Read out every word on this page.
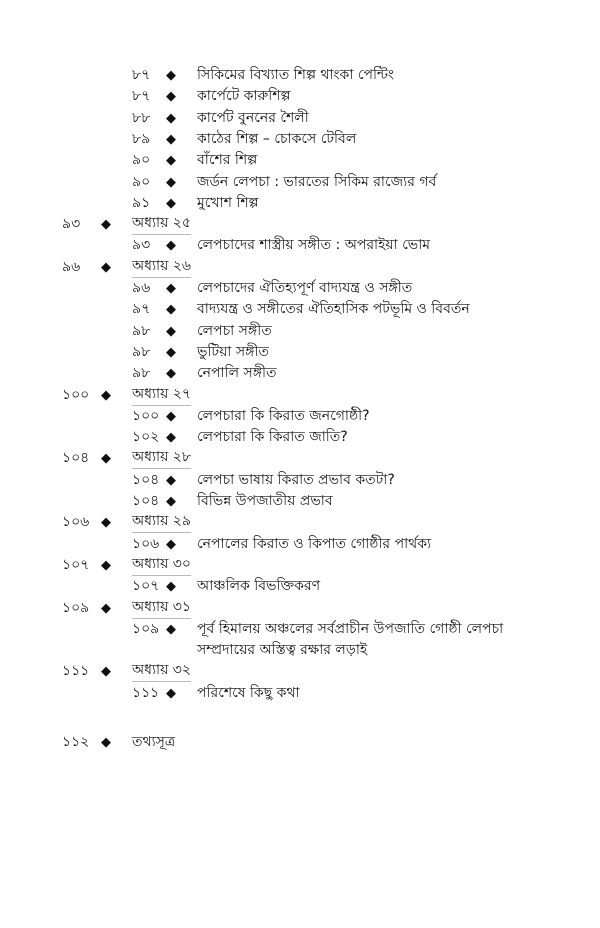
৮৭ ◆ সিকিমের বিখ্যাত শিল্প থাংকা পেন্টিং
৮৭ ◆ কার্পেটে কারুশিল্প
৮৮ ◆ কার্পেট বুননের শৈলী
৮৯ ◆ কাঠের শিল্প – চোকসে টেবিল
৯০ ◆ বাঁশের শিল্প
৯০ ◆ জর্ডন লেপচা : ভারতের সিকিম রাজ্যের গর্ব
৯১ ◆ মুখোশ শিল্প
৯৩ ◆ অধ্যায় ২৫
৯৩ ◆ লেপচাদের শাস্ত্রীয় সঙ্গীত : অপরাইয়া ভোম
৯৬ ◆ অধ্যায় ২৬
৯৬ ◆ লেপচাদের ঐতিহ্যপূর্ণ বাদ্যযন্ত্র ও সঙ্গীত
৯৭ ◆ বাদ্যযন্ত্র ও সঙ্গীতের ঐতিহাসিক পটভূমি ও বিবর্তন
৯৮ ◆ লেপচা সঙ্গীত
৯৮ ◆ ভুটিয়া সঙ্গীত
৯৮ ◆ নেপালি সঙ্গীত
১০০ ◆ অধ্যায় ২৭
১০০ ◆ লেপচারা কি কিরাত জনগোষ্ঠী?
১০২ ◆ লেপচারা কি কিরাত জাতি?
১০৪ ◆ অধ্যায় ২৮
১০৪ ◆ লেপচা ভাষায় কিরাত প্রভাব কতটা?
১০৪ ◆ বিভিন্ন উপজাতীয় প্রভাব
১০৬ ◆ অধ্যায় ২৯
১০৬ ◆ নেপালের কিরাত ও কিপাত গোষ্ঠীর পার্থক্য
১০৭ ◆ অধ্যায় ৩০
১০৭ ◆ আঞ্চলিক বিভক্তিকরণ
১০৯ ◆ অধ্যায় ৩১
১০৯ ◆ পূর্ব হিমালয় অঞ্চলের সর্বপ্রাচীন উপজাতি গোষ্ঠী লেপচা সম্প্রদায়ের অস্তিত্ব রক্ষার লড়াই
১১১ ◆ অধ্যায় ৩২
১১১ ◆ পরিশেষে কিছু কথা
১১২ ◆ তথ্যসূত্র
